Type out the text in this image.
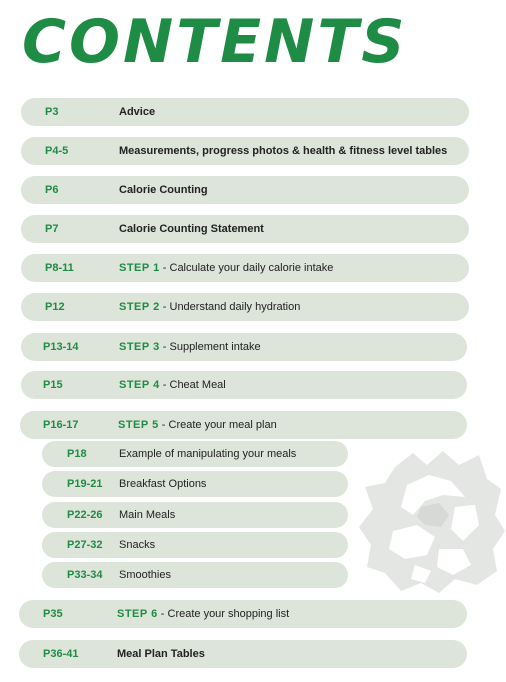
CONTENTS
P3	Advice
P4-5	Measurements, progress photos & health & fitness level tables
P6	Calorie Counting
P7	Calorie Counting Statement
P8-11	STEP 1 - Calculate your daily calorie intake
P12	STEP 2 - Understand daily hydration
P13-14	STEP 3 - Supplement intake
P15	STEP 4 - Cheat Meal
P16-17	STEP 5 - Create your meal plan
P18	Example of manipulating your meals
P19-21 Breakfast Options
P22-26 Main Meals
P27-32 Snacks
P33-34 Smoothies
P35	STEP 6 - Create your shopping list
P36-41	Meal Plan Tables
